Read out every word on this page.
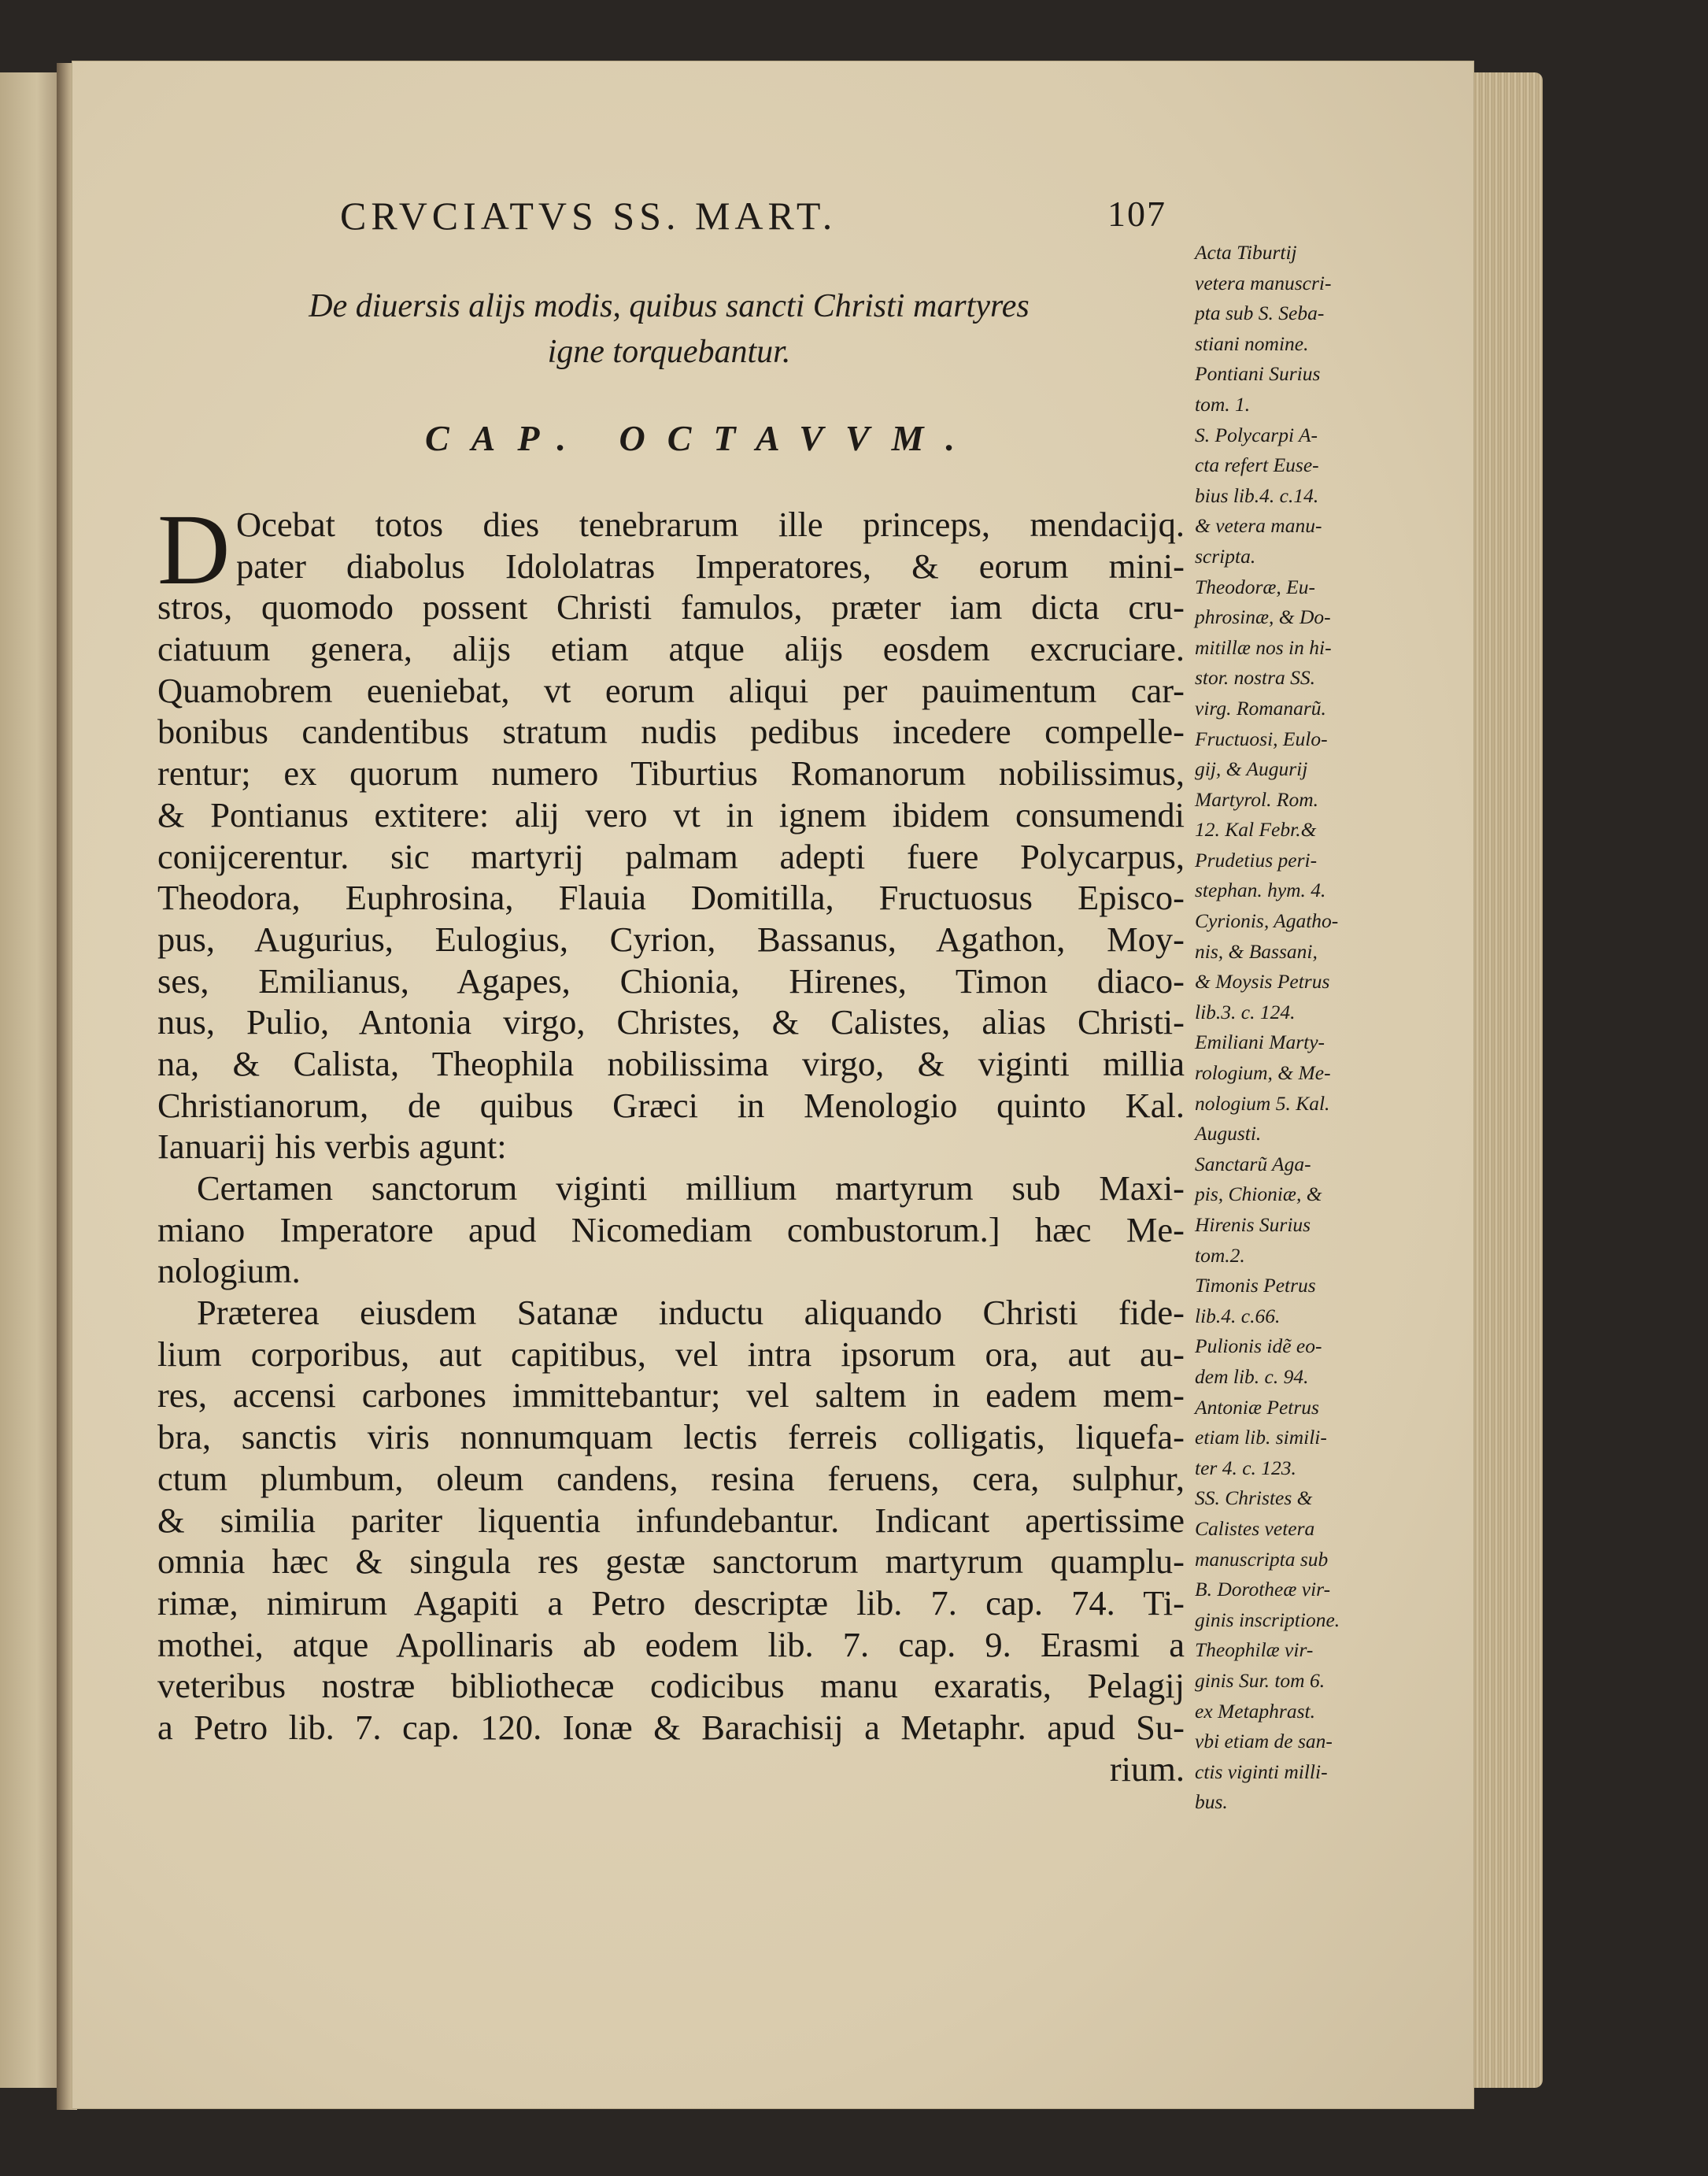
CRVCIATVS SS. MART.	107
De diuersis alijs modis, quibus sancti Christi martyres
igne torquebantur.
CAP. OCTAVVM.
D Ocebat totos dies tenebrarum ille princeps, mendacijq.
pater diabolus Idololatras Imperatores, & eorum mini-
stros, quomodo possent Christi famulos, præter iam dicta cru-
ciatuum genera, alijs etiam atque alijs eosdem excruciare.
Quamobrem eueniebat, vt eorum aliqui per pauimentum car-
bonibus candentibus stratum nudis pedibus incedere compelle-
rentur; ex quorum numero Tiburtius Romanorum nobilissimus,
& Pontianus extitere: alij vero vt in ignem ibidem consumendi
conijcerentur. sic martyrij palmam adepti fuere Polycarpus,
Theodora, Euphrosina, Flauia Domitilla, Fructuosus Episco-
pus, Augurius, Eulogius, Cyrion, Bassanus, Agathon, Moy-
ses, Emilianus, Agapes, Chionia, Hirenes, Timon diaco-
nus, Pulio, Antonia virgo, Christes, & Calistes, alias Christi-
na, & Calista, Theophila nobilissima virgo, & viginti millia
Christianorum, de quibus Græci in Menologio quinto Kal.
Ianuarij his verbis agunt:
Certamen sanctorum viginti millium martyrum sub Maxi-
miano Imperatore apud Nicomediam combustorum.] hæc Me-
nologium.
Præterea eiusdem Satanæ inductu aliquando Christi fide-
lium corporibus, aut capitibus, vel intra ipsorum ora, aut au-
res, accensi carbones immittebantur; vel saltem in eadem mem-
bra, sanctis viris nonnumquam lectis ferreis colligatis, liquefa-
ctum plumbum, oleum candens, resina feruens, cera, sulphur,
& similia pariter liquentia infundebantur. Indicant apertissime
omnia hæc & singula res gestæ sanctorum martyrum quamplu-
rimæ, nimirum Agapiti a Petro descriptæ lib. 7. cap. 74. Ti-
mothei, atque Apollinaris ab eodem lib. 7. cap. 9. Erasmi a
veteribus nostræ bibliothecæ codicibus manu exaratis, Pelagij
a Petro lib. 7. cap. 120. Ionæ & Barachisij a Metaphr. apud Su-
rium.
Acta Tiburtij
vetera manuscri-
pta sub S. Seba-
stiani nomine.
Pontiani Surius
tom. 1.
S. Polycarpi A-
cta refert Euse-
bius lib.4. c.14.
& vetera manu-
scripta.
Theodoræ, Eu-
phrosinæ, & Do-
mitillæ nos in hi-
stor. nostra SS.
virg. Romanarũ.
Fructuosi, Eulo-
gij, & Augurij
Martyrol. Rom.
12. Kal Febr.&
Prudetius peri-
stephan. hym. 4.
Cyrionis, Agatho-
nis, & Bassani,
& Moysis Petrus
lib.3. c. 124.
Emiliani Marty-
rologium, & Me-
nologium 5. Kal.
Augusti.
Sanctarũ Aga-
pis, Chioniæ, &
Hirenis Surius
tom.2.
Timonis Petrus
lib.4. c.66.
Pulionis idẽ eo-
dem lib. c. 94.
Antoniæ Petrus
etiam lib. simili-
ter 4. c. 123.
SS. Christes &
Calistes vetera
manuscripta sub
B. Dorotheæ vir-
ginis inscriptione.
Theophilæ vir-
ginis Sur. tom 6.
ex Metaphrast.
vbi etiam de san-
ctis viginti milli-
bus.
